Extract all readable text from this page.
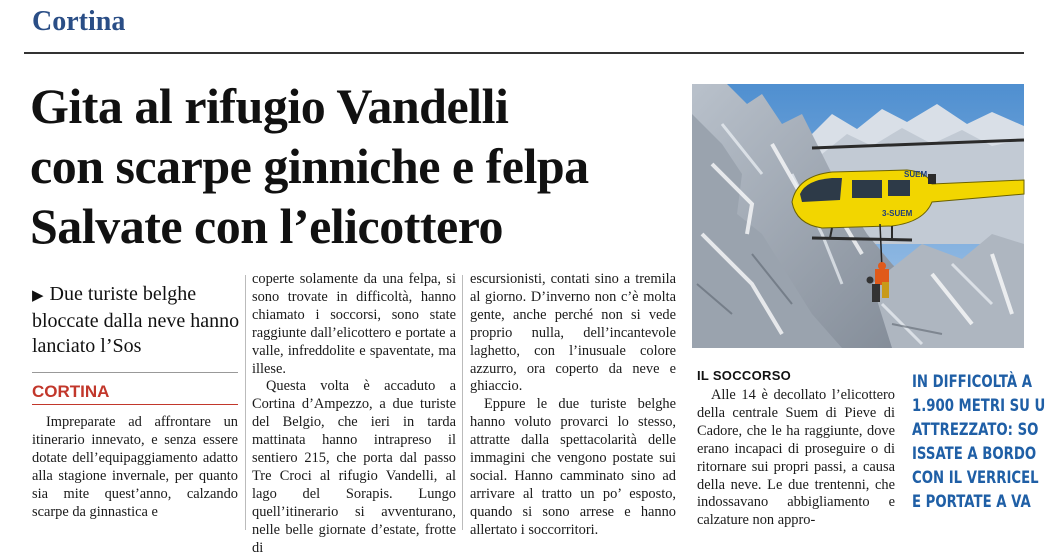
Cortina
Gita al rifugio Vandelli
con scarpe ginniche e felpa
Salvate con l’elicottero
SUEM
3-SUEM
▶ Due turiste belghe bloccate dalla neve hanno lanciato l’Sos
CORTINA

Impreparate ad affrontare un itinerario innevato, e senza essere dotate dell’equipaggiamento adatto alla stagione invernale, per quanto sia mite quest’anno, calzando scarpe da ginnastica e

coperte solamente da una felpa, si sono trovate in difficoltà, hanno chiamato i soccorsi, sono state raggiunte dall’elicottero e portate a valle, infreddolite e spaventate, ma illese.

Questa volta è accaduto a Cortina d’Ampezzo, a due turiste del Belgio, che ieri in tarda mattinata hanno intrapreso il sentiero 215, che porta dal passo Tre Croci al rifugio Vandelli, al lago del Sorapis. Lungo quell’itinerario si avventurano, nelle belle giornate d’estate, frotte di

escursionisti, contati sino a tremila al giorno. D’inverno non c’è molta gente, anche perché non si vede proprio nulla, dell’incantevole laghetto, con l’inusuale colore azzurro, ora coperto da neve e ghiaccio.

Eppure le due turiste belghe hanno voluto provarci lo stesso, attratte dalla spettacolarità delle immagini che vengono postate sui social. Hanno camminato sino ad arrivare al tratto un po’ esposto, quando si sono arrese e hanno allertato i soccorritori.

IL SOCCORSO
Alle 14 è decollato l’elicottero della centrale Suem di Pieve di Cadore, che le ha raggiunte, dove erano incapaci di proseguire o di ritornare sui propri passi, a causa della neve. Le due trentenni, che indossavano abbigliamento e calzature non appro-
IN DIFFICOLTÀ A
1.900 METRI SU U
ATTREZZATO: SO
ISSATE A BORDO
CON IL VERRICEL
E PORTATE A VA
